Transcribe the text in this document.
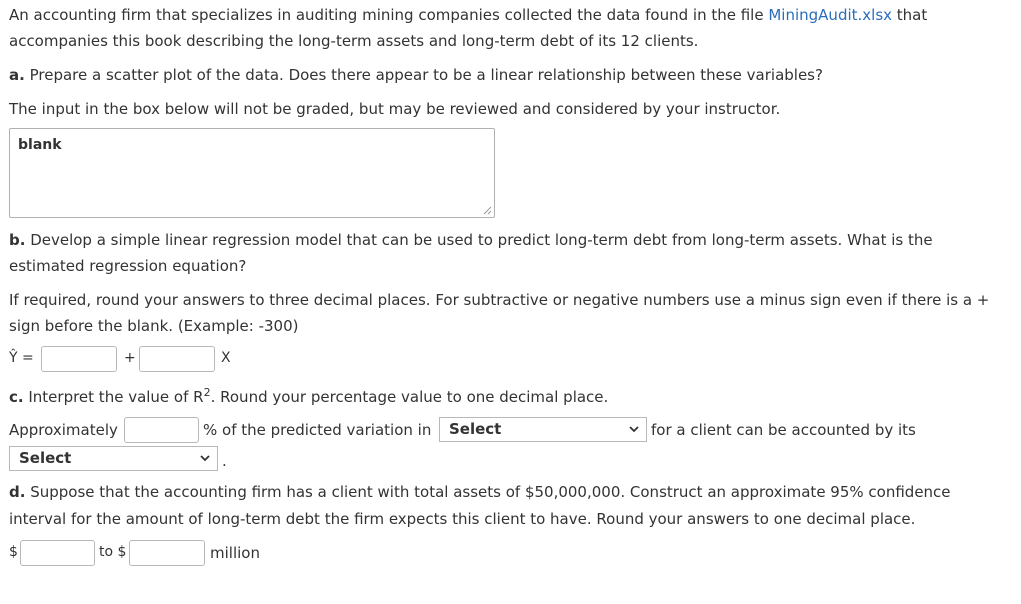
An accounting firm that specializes in auditing mining companies collected the data found in the file MiningAudit.xlsx that
accompanies this book describing the long-term assets and long-term debt of its 12 clients.
a. Prepare a scatter plot of the data. Does there appear to be a linear relationship between these variables?
The input in the box below will not be graded, but may be reviewed and considered by your instructor.
blank
b. Develop a simple linear regression model that can be used to predict long-term debt from long-term assets. What is the
estimated regression equation?
If required, round your answers to three decimal places. For subtractive or negative numbers use a minus sign even if there is a +
sign before the blank. (Example: -300)
Ŷ =	+	X
c. Interpret the value of $R^2$. Round your percentage value to one decimal place.
Approximately	% of the predicted variation in Select	for a client can be accounted by its
Select	.
d. Suppose that the accounting firm has a client with total assets of $50,000,000. Construct an approximate 95% confidence
interval for the amount of long-term debt the firm expects this client to have. Round your answers to one decimal place.
$	to $	million
